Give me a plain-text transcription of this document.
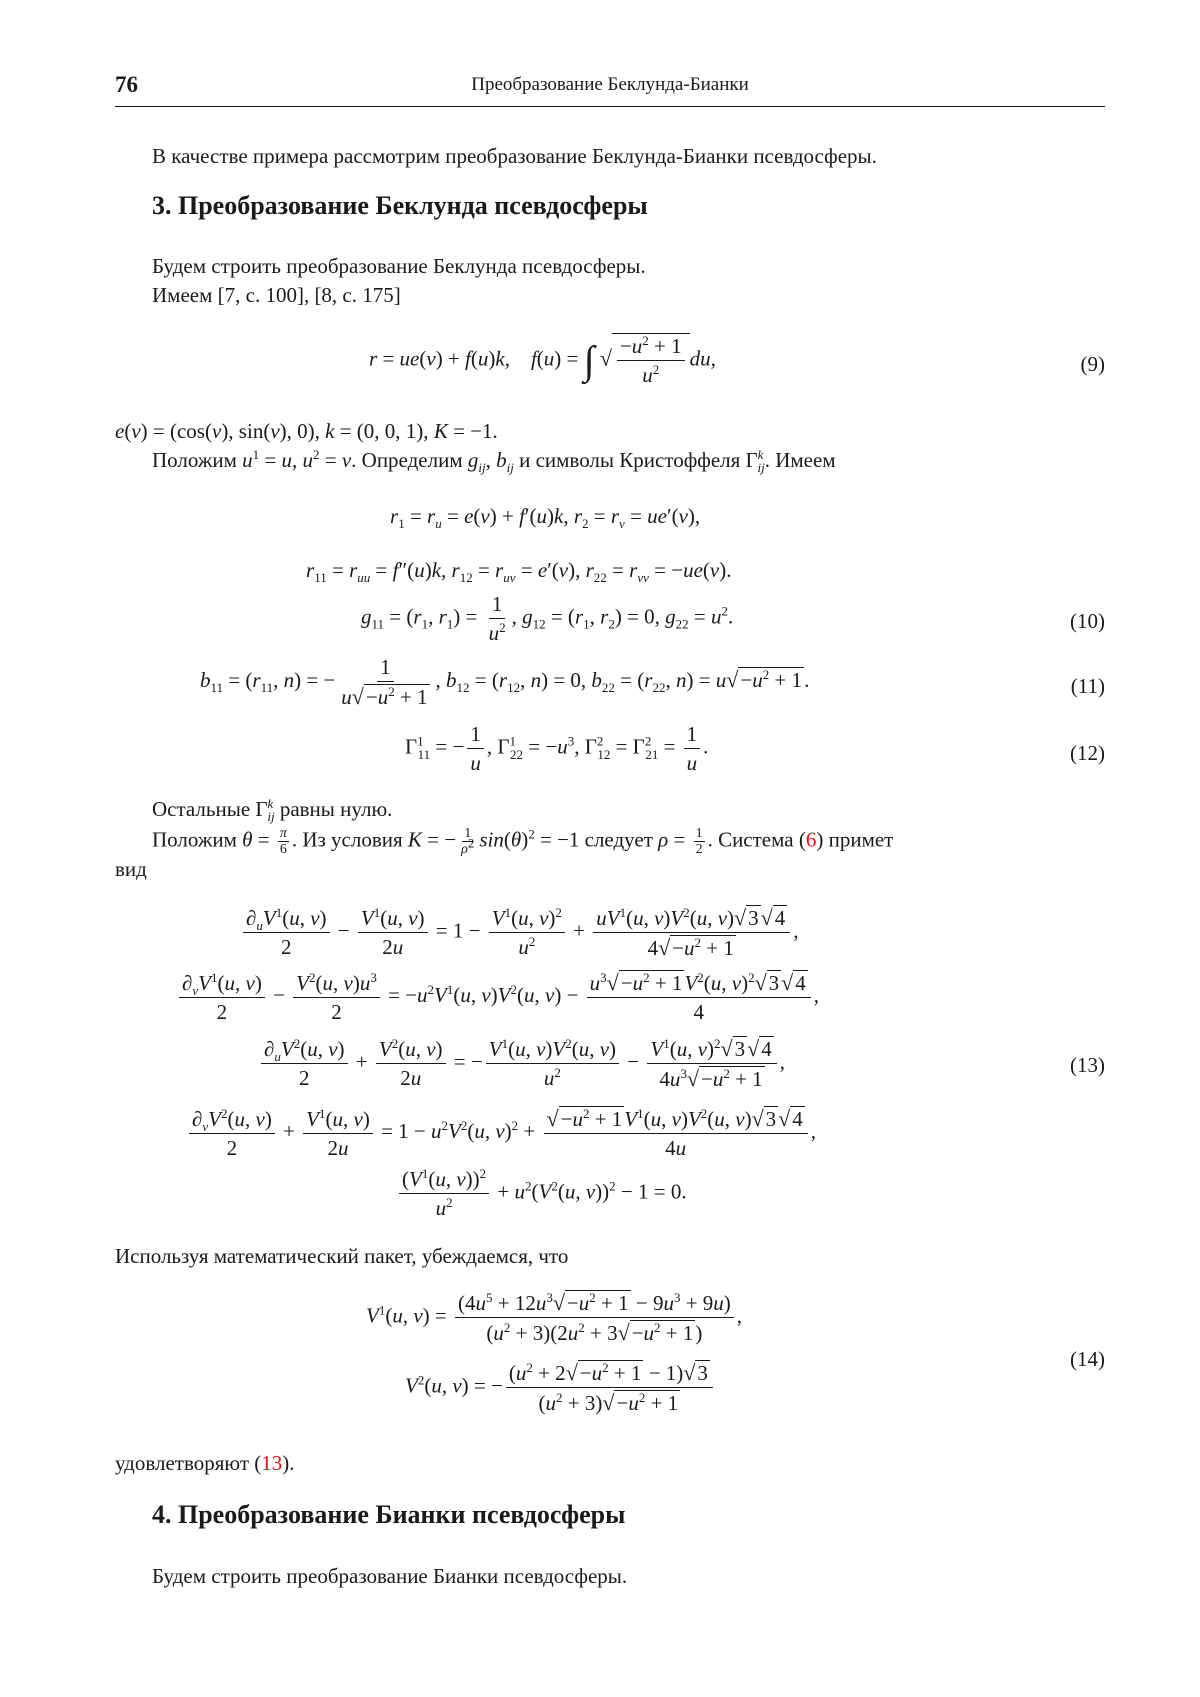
76	Преобразование Беклунда-Бианки
В качестве примера рассмотрим преобразование Беклунда-Бианки псевдосферы.
3. Преобразование Беклунда псевдосферы
Будем строить преобразование Беклунда псевдосферы.
Имеем [7, с. 100], [8, с. 175]
r = ue(v) + f(u)k,    f(u) = ∫ √ $\frac{-u^2 + 1}{u^2}$ du,	(9)
e(v) = (cos(v), sin(v), 0), k = (0, 0, 1), K = −1.
Положим $u^1 = u$, $u^2 = v$. Определим $g_{ij}$, $b_{ij}$ и символы Кристоффеля $\Gamma^k_{ij}$. Имеем
$r_1 = r_u = e(v) + f'(u)k$, $r_2 = r_v = ue'(v)$,
$r_{11} = r_{uu} = f''(u)k$, $r_{12} = r_{uv} = e'(v)$, $r_{22} = r_{vv} = -ue(v)$.
$g_{11} = (r_1$, $r_1) = \frac{1}{u^2}$ , $g_{12} = (r_1$, $r_2) = 0$, $g_{22} = u^2$.	(10)
$b_{11} = (r_{11}$, n) = − $\frac{1}{u√-u^2 + 1}$ , $b_{12} = (r_{12}$, n) = 0, $b_{22} = (r_{22}$, $n) = u√-u^2 + 1$.	(11)
$\Gamma^1_{11}$ = − $\frac{1}{u}$ , $\Gamma^1_{22} = -u^3$, $\Gamma^2_{12} = \Gamma^2_{21} = \frac{1}{u}$ .	(12)
Остальные $\Gamma^k_{ij}$ равны нулю.
Положим $\theta = \frac{\pi}{6}$ . Из условия K = − $\frac{1}{\rho^2} \sin(\theta)^2 = -1$ следует $\rho = \frac{1}{2}$ . Система (6) примет
вид
$\frac{\partial_uV^1(u, v)}{2} - \frac{V^1(u, v)}{2u} = 1 - \frac{V^1(u, v)^2}{u^2} + \frac{uV^1(u, v)V^2(u, v)√3√4}{4√-u^2 + 1}$ ,
$\frac{\partial_vV^1(u, v)}{2} - \frac{V^2(u, v)u^3}{2} = -u^2V^1(u$, $v)V^2(u$, $v) - \frac{u^3√-u^2 + 1V^2(u, v)^2√3√4}{4}$ ,
$\frac{\partial_uV^2(u, v)}{2} + \frac{V^2(u, v)}{2u}$ = − $\frac{V^1(u, v)V^2(u, v)}{u^2} - \frac{V^1(u, v)^2√3√4}{4u^3√-u^2 + 1}$ ,
$\frac{\partial_vV^2(u, v)}{2} + \frac{V^1(u, v)}{2u} = 1 - u^2V^2(u$, $v)^2 + \frac{√-u^2 + 1V^1(u, v)V^2(u, v)√3√4}{4u}$ ,
$\frac{(V^1(u, v))^2}{u^2} + u^2(V^2(u$, v))$^2$ − 1 = 0.
(13)
Используя математический пакет, убеждаемся, что
$V^1(u$, $v) = \frac{(4u^5 + 12u^3√-u^2 + 1 - 9u^3 + 9u)}{(u^2 + 3)(2u^2 + 3√-u^2 + 1)}$ ,
$V^2(u$, v) = − $\frac{(u^2 + 2√-u^2 + 1 - 1)√3}{(u^2 + 3)√-u^2 + 1}$
(14)
удовлетворяют (13).
4. Преобразование Бианки псевдосферы
Будем строить преобразование Бианки псевдосферы.
